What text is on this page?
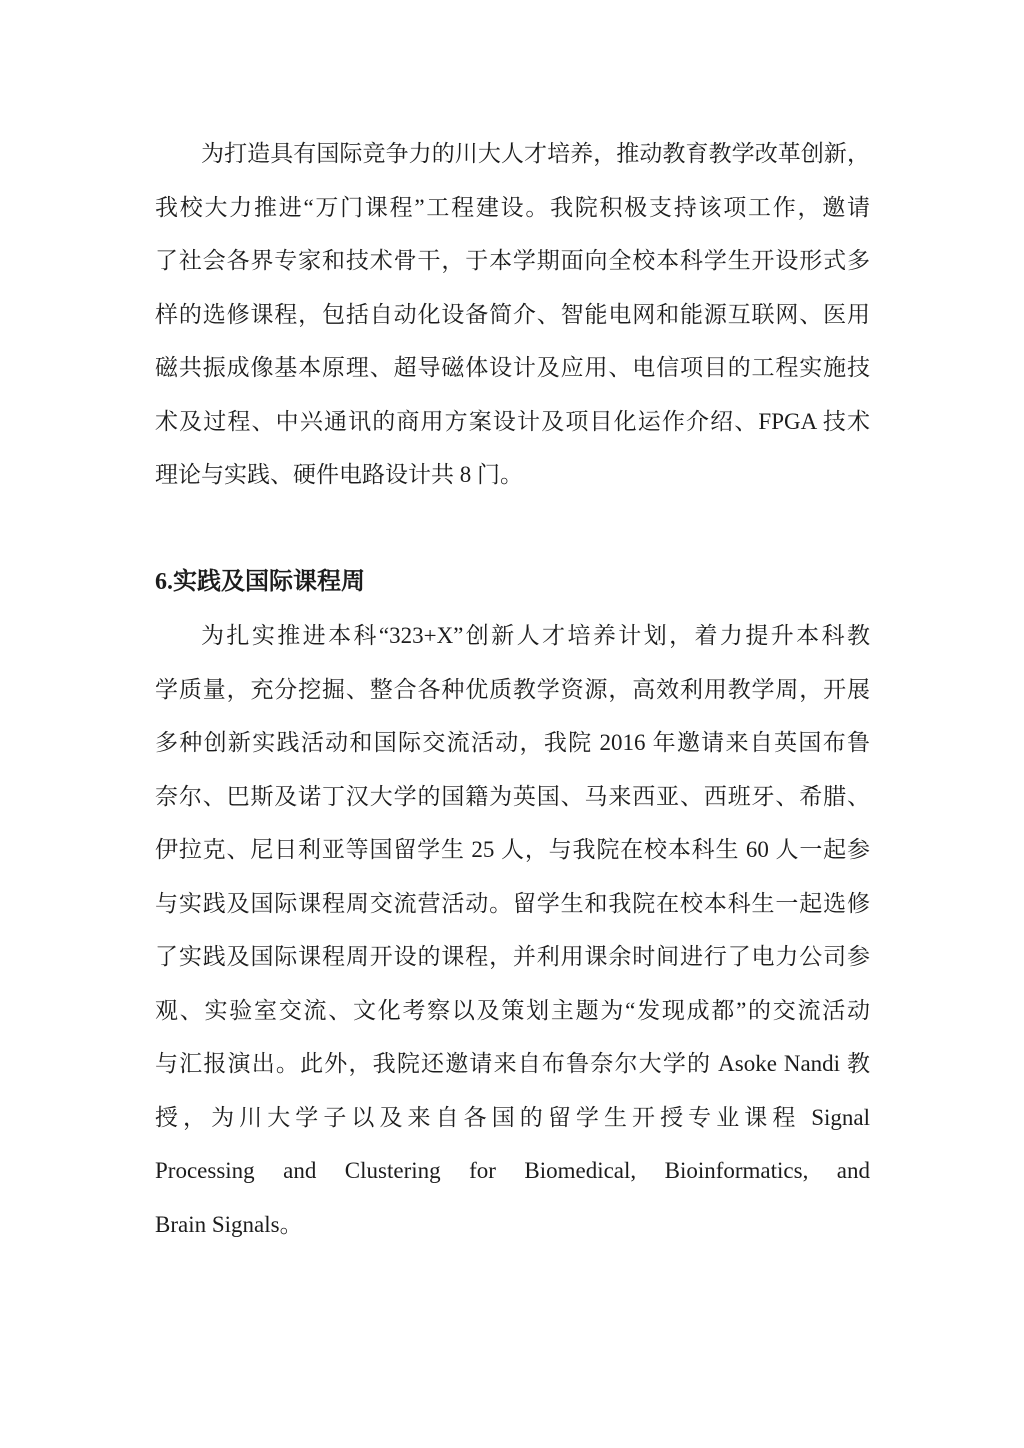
为打造具有国际竞争力的川大人才培养，推动教育教学改革创新，
我校大力推进“万门课程”工程建设。我院积极支持该项工作，邀请
了社会各界专家和技术骨干，于本学期面向全校本科学生开设形式多
样的选修课程，包括自动化设备简介、智能电网和能源互联网、医用
磁共振成像基本原理、超导磁体设计及应用、电信项目的工程实施技
术及过程、中兴通讯的商用方案设计及项目化运作介绍、FPGA 技术
理论与实践、硬件电路设计共 8 门。
6.实践及国际课程周
为扎实推进本科“323+X”创新人才培养计划，着力提升本科教
学质量，充分挖掘、整合各种优质教学资源，高效利用教学周，开展
多种创新实践活动和国际交流活动，我院 2016 年邀请来自英国布鲁
奈尔、巴斯及诺丁汉大学的国籍为英国、马来西亚、西班牙、希腊、
伊拉克、尼日利亚等国留学生 25 人，与我院在校本科生 60 人一起参
与实践及国际课程周交流营活动。留学生和我院在校本科生一起选修
了实践及国际课程周开设的课程，并利用课余时间进行了电力公司参
观、实验室交流、文化考察以及策划主题为“发现成都”的交流活动
与汇报演出。此外，我院还邀请来自布鲁奈尔大学的 Asoke Nandi 教
授，为川大学子以及来自各国的留学生开授专业课程 Signal
Processing and Clustering for Biomedical, Bioinformatics, and
Brain Signals。
